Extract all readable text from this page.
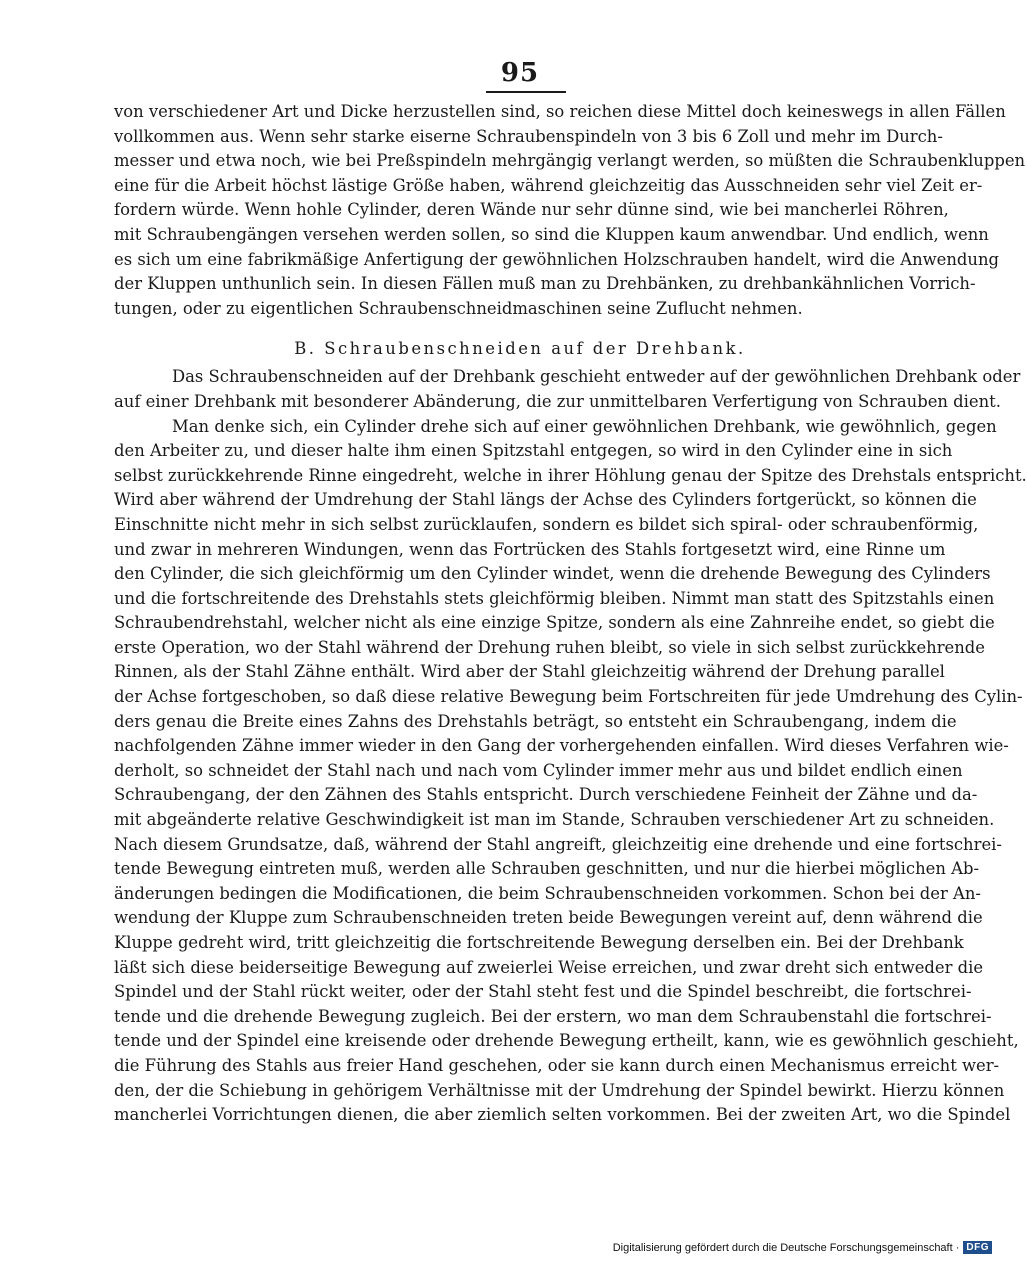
95
von verschiedener Art und Dicke herzustellen sind, so reichen diese Mittel doch keineswegs in allen Fällen
vollkommen aus. Wenn sehr starke eiserne Schraubenspindeln von 3 bis 6 Zoll und mehr im Durch-
messer und etwa noch, wie bei Preßspindeln mehrgängig verlangt werden, so müßten die Schraubenkluppen
eine für die Arbeit höchst lästige Größe haben, während gleichzeitig das Ausschneiden sehr viel Zeit er-
fordern würde. Wenn hohle Cylinder, deren Wände nur sehr dünne sind, wie bei mancherlei Röhren,
mit Schraubengängen versehen werden sollen, so sind die Kluppen kaum anwendbar. Und endlich, wenn
es sich um eine fabrikmäßige Anfertigung der gewöhnlichen Holzschrauben handelt, wird die Anwendung
der Kluppen unthunlich sein. In diesen Fällen muß man zu Drehbänken, zu drehbankähnlichen Vorrich-
tungen, oder zu eigentlichen Schraubenschneidmaschinen seine Zuflucht nehmen.
B. Schraubenschneiden auf der Drehbank.
Das Schraubenschneiden auf der Drehbank geschieht entweder auf der gewöhnlichen Drehbank oder
auf einer Drehbank mit besonderer Abänderung, die zur unmittelbaren Verfertigung von Schrauben dient.
Man denke sich, ein Cylinder drehe sich auf einer gewöhnlichen Drehbank, wie gewöhnlich, gegen
den Arbeiter zu, und dieser halte ihm einen Spitzstahl entgegen, so wird in den Cylinder eine in sich
selbst zurückkehrende Rinne eingedreht, welche in ihrer Höhlung genau der Spitze des Drehstals entspricht.
Wird aber während der Umdrehung der Stahl längs der Achse des Cylinders fortgerückt, so können die
Einschnitte nicht mehr in sich selbst zurücklaufen, sondern es bildet sich spiral- oder schraubenförmig,
und zwar in mehreren Windungen, wenn das Fortrücken des Stahls fortgesetzt wird, eine Rinne um
den Cylinder, die sich gleichförmig um den Cylinder windet, wenn die drehende Bewegung des Cylinders
und die fortschreitende des Drehstahls stets gleichförmig bleiben. Nimmt man statt des Spitzstahls einen
Schraubendrehstahl, welcher nicht als eine einzige Spitze, sondern als eine Zahnreihe endet, so giebt die
erste Operation, wo der Stahl während der Drehung ruhen bleibt, so viele in sich selbst zurückkehrende
Rinnen, als der Stahl Zähne enthält. Wird aber der Stahl gleichzeitig während der Drehung parallel
der Achse fortgeschoben, so daß diese relative Bewegung beim Fortschreiten für jede Umdrehung des Cylin-
ders genau die Breite eines Zahns des Drehstahls beträgt, so entsteht ein Schraubengang, indem die
nachfolgenden Zähne immer wieder in den Gang der vorhergehenden einfallen. Wird dieses Verfahren wie-
derholt, so schneidet der Stahl nach und nach vom Cylinder immer mehr aus und bildet endlich einen
Schraubengang, der den Zähnen des Stahls entspricht. Durch verschiedene Feinheit der Zähne und da-
mit abgeänderte relative Geschwindigkeit ist man im Stande, Schrauben verschiedener Art zu schneiden.
Nach diesem Grundsatze, daß, während der Stahl angreift, gleichzeitig eine drehende und eine fortschrei-
tende Bewegung eintreten muß, werden alle Schrauben geschnitten, und nur die hierbei möglichen Ab-
änderungen bedingen die Modificationen, die beim Schraubenschneiden vorkommen. Schon bei der An-
wendung der Kluppe zum Schraubenschneiden treten beide Bewegungen vereint auf, denn während die
Kluppe gedreht wird, tritt gleichzeitig die fortschreitende Bewegung derselben ein. Bei der Drehbank
läßt sich diese beiderseitige Bewegung auf zweierlei Weise erreichen, und zwar dreht sich entweder die
Spindel und der Stahl rückt weiter, oder der Stahl steht fest und die Spindel beschreibt, die fortschrei-
tende und die drehende Bewegung zugleich. Bei der erstern, wo man dem Schraubenstahl die fortschrei-
tende und der Spindel eine kreisende oder drehende Bewegung ertheilt, kann, wie es gewöhnlich geschieht,
die Führung des Stahls aus freier Hand geschehen, oder sie kann durch einen Mechanismus erreicht wer-
den, der die Schiebung in gehörigem Verhältnisse mit der Umdrehung der Spindel bewirkt. Hierzu können
mancherlei Vorrichtungen dienen, die aber ziemlich selten vorkommen. Bei der zweiten Art, wo die Spindel
Digitalisierung gefördert durch die Deutsche Forschungsgemeinschaft · DFG
